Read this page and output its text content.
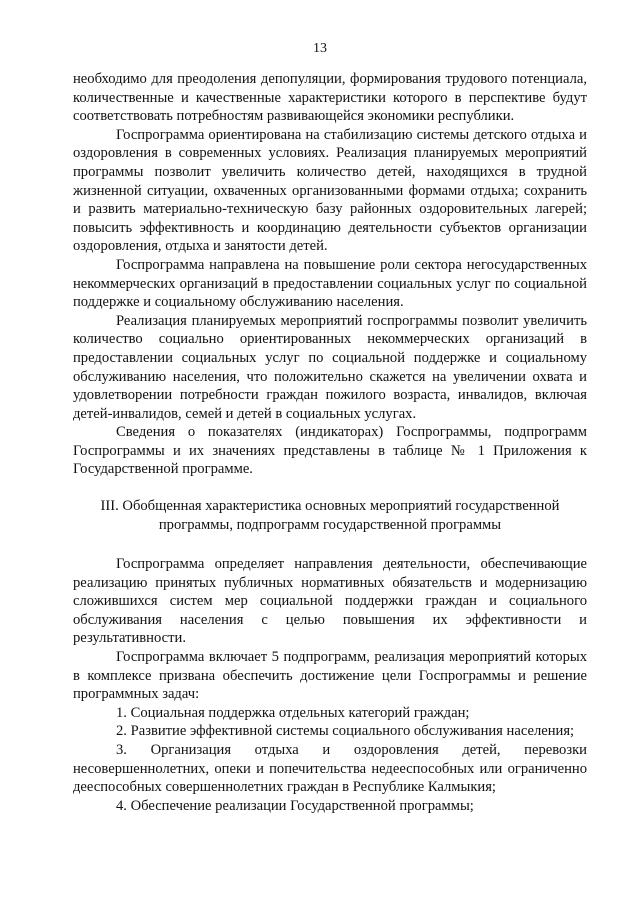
13

необходимо для преодоления депопуляции, формирования трудового потенциала, количественные и качественные характеристики которого в перспективе будут соответствовать потребностям развивающейся экономики республики.

Госпрограмма ориентирована на стабилизацию системы детского отдыха и оздоровления в современных условиях. Реализация планируемых мероприятий программы позволит увеличить количество детей, находящихся в трудной жизненной ситуации, охваченных организованными формами отдыха; сохранить и развить материально-техническую базу районных оздоровительных лагерей; повысить эффективность и координацию деятельности субъектов организации оздоровления, отдыха и занятости детей.

Госпрограмма направлена на повышение роли сектора негосударственных некоммерческих организаций в предоставлении социальных услуг по социальной поддержке и социальному обслуживанию населения.

Реализация планируемых мероприятий госпрограммы позволит увеличить количество социально ориентированных некоммерческих организаций в предоставлении социальных услуг по социальной поддержке и социальному обслуживанию населения, что положительно скажется на увеличении охвата и удовлетворении потребности граждан пожилого возраста, инвалидов, включая детей-инвалидов, семей и детей в социальных услугах.

Сведения о показателях (индикаторах) Госпрограммы, подпрограмм Госпрограммы и их значениях представлены в таблице № 1 Приложения к Государственной программе.

III. Обобщенная характеристика основных мероприятий государственной программы, подпрограмм государственной программы

Госпрограмма определяет направления деятельности, обеспечивающие реализацию принятых публичных нормативных обязательств и модернизацию сложившихся систем мер социальной поддержки граждан и социального обслуживания населения с целью повышения их эффективности и результативности.

Госпрограмма включает 5 подпрограмм, реализация мероприятий которых в комплексе призвана обеспечить достижение цели Госпрограммы и решение программных задач:

1. Социальная поддержка отдельных категорий граждан;

2. Развитие эффективной системы социального обслуживания населения;

3. Организация отдыха и оздоровления детей, перевозки несовершеннолетних, опеки и попечительства недееспособных или ограниченно дееспособных совершеннолетних граждан в Республике Калмыкия;

4. Обеспечение реализации Государственной программы;
